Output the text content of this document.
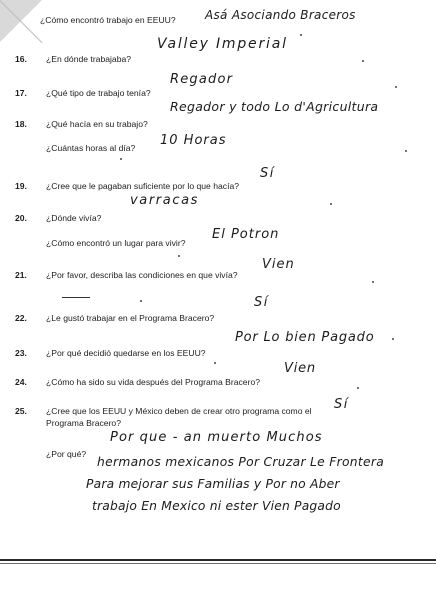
¿Cómo encontró trabajo en EEUU? Asá Asociando Braceros
16. ¿En dónde trabajaba?
Valley Imperial
17. ¿Qué tipo de trabajo tenía?
Regador
18. ¿Qué hacía en su trabajo?
Regador y todo Lo d'Agricultura
¿Cuántas horas al día? 10 Horas
19. ¿Cree que le pagaban suficiente por lo que hacía?
Sí
20. ¿Dónde vivía?
varracas
¿Cómo encontró un lugar para vivir?
El Potron
21. ¿Por favor, describa las condiciones en que vivía?
Vien
22. ¿Le gustó trabajar en el Programa Bracero?
Sí
23. ¿Por qué decidió quedarse en los EEUU?
Por Lo bien Pagado
24. ¿Cómo ha sido su vida después del Programa Bracero?
Vien
25. ¿Cree que los EEUU y México deben de crear otro programa como el Sí
Programa Bracero?
¿Por qué?
Por que - an muerto Muchos
hermanos mexicanos Por Cruzar Le Frontera
Para mejorar sus Familias y Por no Aber
trabajo En Mexico ni ester Vien Pagado
